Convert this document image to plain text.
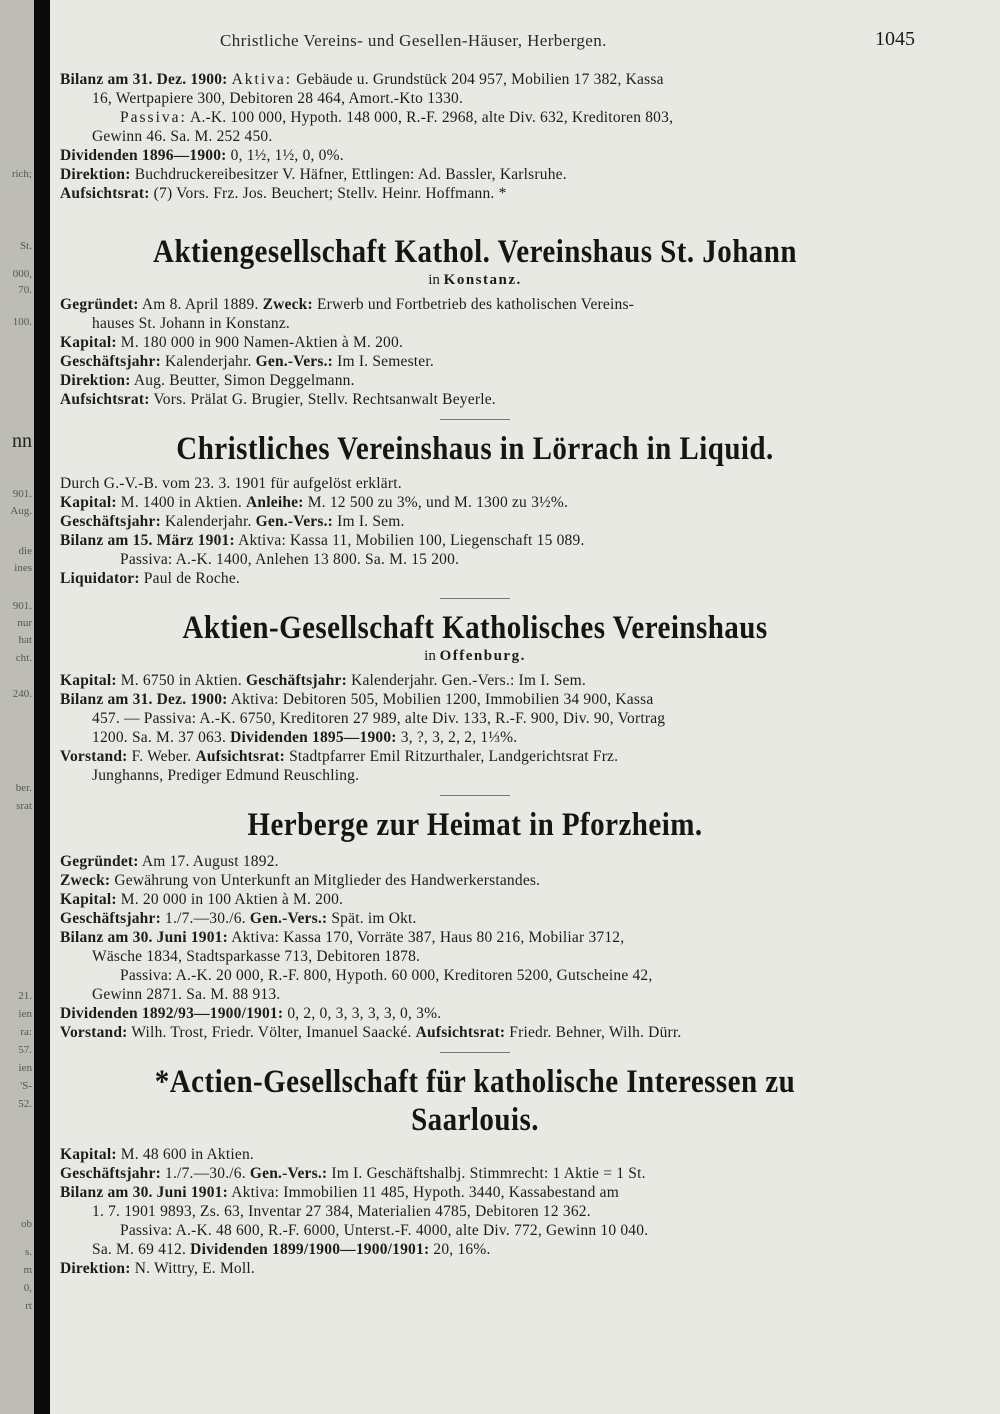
rich;
St.
000,
70.
100.
nn
901.
Aug.
die
ines
901.
nur
hat
cht.
240.
ber.
srat
21.
ien
ra:
57.
ien
'S-
52.
ob
s.
m
0,
rt
Christliche Vereins- und Gesellen-Häuser, Herbergen.	1045
Bilanz am 31. Dez. 1900: Aktiva: Gebäude u. Grundstück 204 957, Mobilien 17 382, Kassa
16, Wertpapiere 300, Debitoren 28 464, Amort.-Kto 1330.
Passiva: A.-K. 100 000, Hypoth. 148 000, R.-F. 2968, alte Div. 632, Kreditoren 803,
Gewinn 46. Sa. M. 252 450.
Dividenden 1896—1900: 0, 1½, 1½, 0, 0%.
Direktion: Buchdruckereibesitzer V. Häfner, Ettlingen: Ad. Bassler, Karlsruhe.
Aufsichtsrat: (7) Vors. Frz. Jos. Beuchert; Stellv. Heinr. Hoffmann. *
Aktiengesellschaft Kathol. Vereinshaus St. Johann
in Konstanz.
Gegründet: Am 8. April 1889. Zweck: Erwerb und Fortbetrieb des katholischen Vereins-
hauses St. Johann in Konstanz.
Kapital: M. 180 000 in 900 Namen-Aktien à M. 200.
Geschäftsjahr: Kalenderjahr. Gen.-Vers.: Im I. Semester.
Direktion: Aug. Beutter, Simon Deggelmann.
Aufsichtsrat: Vors. Prälat G. Brugier, Stellv. Rechtsanwalt Beyerle.
Christliches Vereinshaus in Lörrach in Liquid.
Durch G.-V.-B. vom 23. 3. 1901 für aufgelöst erklärt.
Kapital: M. 1400 in Aktien. Anleihe: M. 12 500 zu 3%, und M. 1300 zu 3½%.
Geschäftsjahr: Kalenderjahr. Gen.-Vers.: Im I. Sem.
Bilanz am 15. März 1901: Aktiva: Kassa 11, Mobilien 100, Liegenschaft 15 089.
Passiva: A.-K. 1400, Anlehen 13 800. Sa. M. 15 200.
Liquidator: Paul de Roche.
Aktien-Gesellschaft Katholisches Vereinshaus
in Offenburg.
Kapital: M. 6750 in Aktien. Geschäftsjahr: Kalenderjahr. Gen.-Vers.: Im I. Sem.
Bilanz am 31. Dez. 1900: Aktiva: Debitoren 505, Mobilien 1200, Immobilien 34 900, Kassa
457. — Passiva: A.-K. 6750, Kreditoren 27 989, alte Div. 133, R.-F. 900, Div. 90, Vortrag
1200. Sa. M. 37 063. Dividenden 1895—1900: 3, ?, 3, 2, 2, 1⅓%.
Vorstand: F. Weber. Aufsichtsrat: Stadtpfarrer Emil Ritzurthaler, Landgerichtsrat Frz.
Junghanns, Prediger Edmund Reuschling.
Herberge zur Heimat in Pforzheim.
Gegründet: Am 17. August 1892.
Zweck: Gewährung von Unterkunft an Mitglieder des Handwerkerstandes.
Kapital: M. 20 000 in 100 Aktien à M. 200.
Geschäftsjahr: 1./7.—30./6. Gen.-Vers.: Spät. im Okt.
Bilanz am 30. Juni 1901: Aktiva: Kassa 170, Vorräte 387, Haus 80 216, Mobiliar 3712,
Wäsche 1834, Stadtsparkasse 713, Debitoren 1878.
Passiva: A.-K. 20 000, R.-F. 800, Hypoth. 60 000, Kreditoren 5200, Gutscheine 42,
Gewinn 2871. Sa. M. 88 913.
Dividenden 1892/93—1900/1901: 0, 2, 0, 3, 3, 3, 3, 0, 3%.
Vorstand: Wilh. Trost, Friedr. Völter, Imanuel Saacké. Aufsichtsrat: Friedr. Behner, Wilh. Dürr.
*Actien-Gesellschaft für katholische Interessen zu Saarlouis.
Kapital: M. 48 600 in Aktien.
Geschäftsjahr: 1./7.—30./6. Gen.-Vers.: Im I. Geschäftshalbj. Stimmrecht: 1 Aktie = 1 St.
Bilanz am 30. Juni 1901: Aktiva: Immobilien 11 485, Hypoth. 3440, Kassabestand am
1. 7. 1901 9893, Zs. 63, Inventar 27 384, Materialien 4785, Debitoren 12 362.
Passiva: A.-K. 48 600, R.-F. 6000, Unterst.-F. 4000, alte Div. 772, Gewinn 10 040.
Sa. M. 69 412. Dividenden 1899/1900—1900/1901: 20, 16%.
Direktion: N. Wittry, E. Moll.
